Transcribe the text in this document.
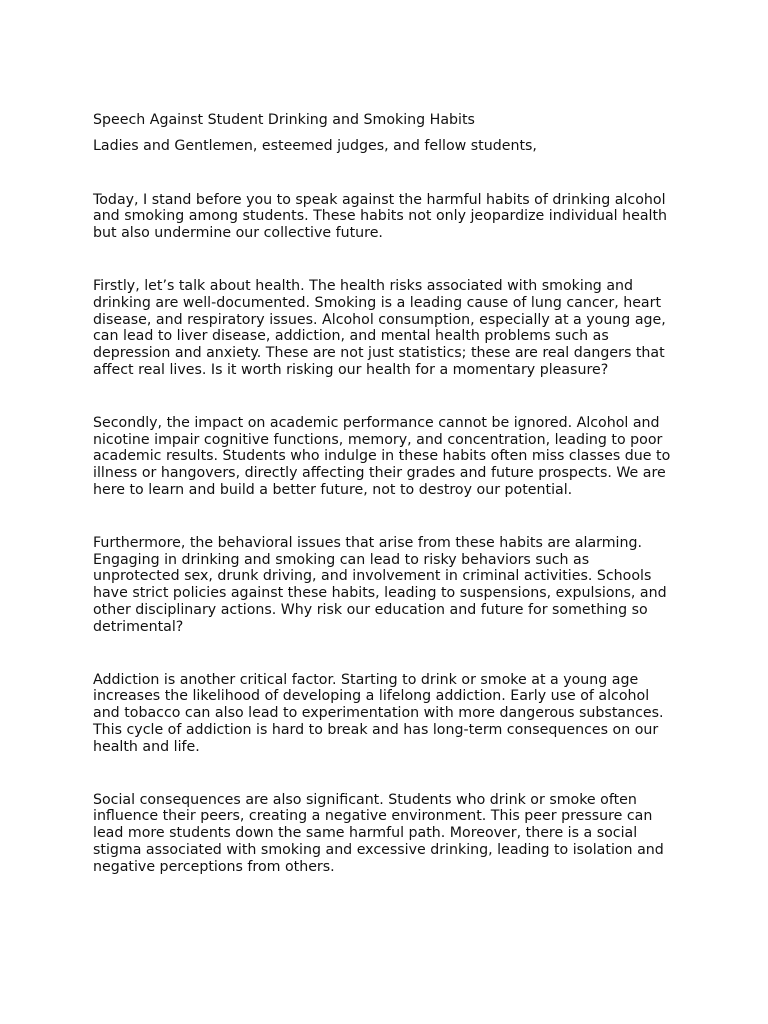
Speech Against Student Drinking and Smoking Habits

Ladies and Gentlemen, esteemed judges, and fellow students,

Today, I stand before you to speak against the harmful habits of drinking alcohol
and smoking among students. These habits not only jeopardize individual health
but also undermine our collective future.

Firstly, let’s talk about health. The health risks associated with smoking and
drinking are well-documented. Smoking is a leading cause of lung cancer, heart
disease, and respiratory issues. Alcohol consumption, especially at a young age,
can lead to liver disease, addiction, and mental health problems such as
depression and anxiety. These are not just statistics; these are real dangers that
affect real lives. Is it worth risking our health for a momentary pleasure?

Secondly, the impact on academic performance cannot be ignored. Alcohol and
nicotine impair cognitive functions, memory, and concentration, leading to poor
academic results. Students who indulge in these habits often miss classes due to
illness or hangovers, directly affecting their grades and future prospects. We are
here to learn and build a better future, not to destroy our potential.

Furthermore, the behavioral issues that arise from these habits are alarming.
Engaging in drinking and smoking can lead to risky behaviors such as
unprotected sex, drunk driving, and involvement in criminal activities. Schools
have strict policies against these habits, leading to suspensions, expulsions, and
other disciplinary actions. Why risk our education and future for something so
detrimental?

Addiction is another critical factor. Starting to drink or smoke at a young age
increases the likelihood of developing a lifelong addiction. Early use of alcohol
and tobacco can also lead to experimentation with more dangerous substances.
This cycle of addiction is hard to break and has long-term consequences on our
health and life.

Social consequences are also significant. Students who drink or smoke often
influence their peers, creating a negative environment. This peer pressure can
lead more students down the same harmful path. Moreover, there is a social
stigma associated with smoking and excessive drinking, leading to isolation and
negative perceptions from others.
